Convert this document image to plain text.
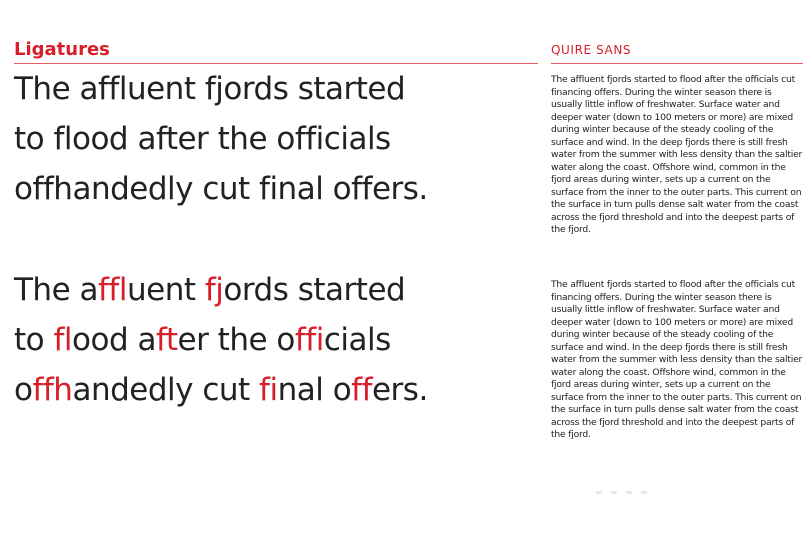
Ligatures
The affluent fjords started
to flood after the officials
offhandedly cut final offers.
The affluent fjords started
to flood after the officials
offhandedly cut final offers.
QUIRE SANS
The affluent fjords started to flood after the officials cut financing offers. During the winter season there is usually little inflow of freshwater. Surface water and deeper water (down to 100 meters or more) are mixed during winter because of the steady cooling of the surface and wind. In the deep fjords there is still fresh water from the summer with less density than the saltier water along the coast. Offshore wind, common in the fjord areas during winter, sets up a current on the surface from the inner to the outer parts. This current on the surface in turn pulls dense salt water from the coast across the fjord threshold and into the deepest parts of the fjord.
The affluent fjords started to flood after the officials cut financing offers. During the winter season there is usually little inflow of freshwater. Surface water and deeper water (down to 100 meters or more) are mixed during winter because of the steady cooling of the surface and wind. In the deep fjords there is still fresh water from the summer with less density than the saltier water along the coast. Offshore wind, common in the fjord areas during winter, sets up a current on the surface from the inner to the outer parts. This current on the surface in turn pulls dense salt water from the coast across the fjord threshold and into the deepest parts of the fjord.
